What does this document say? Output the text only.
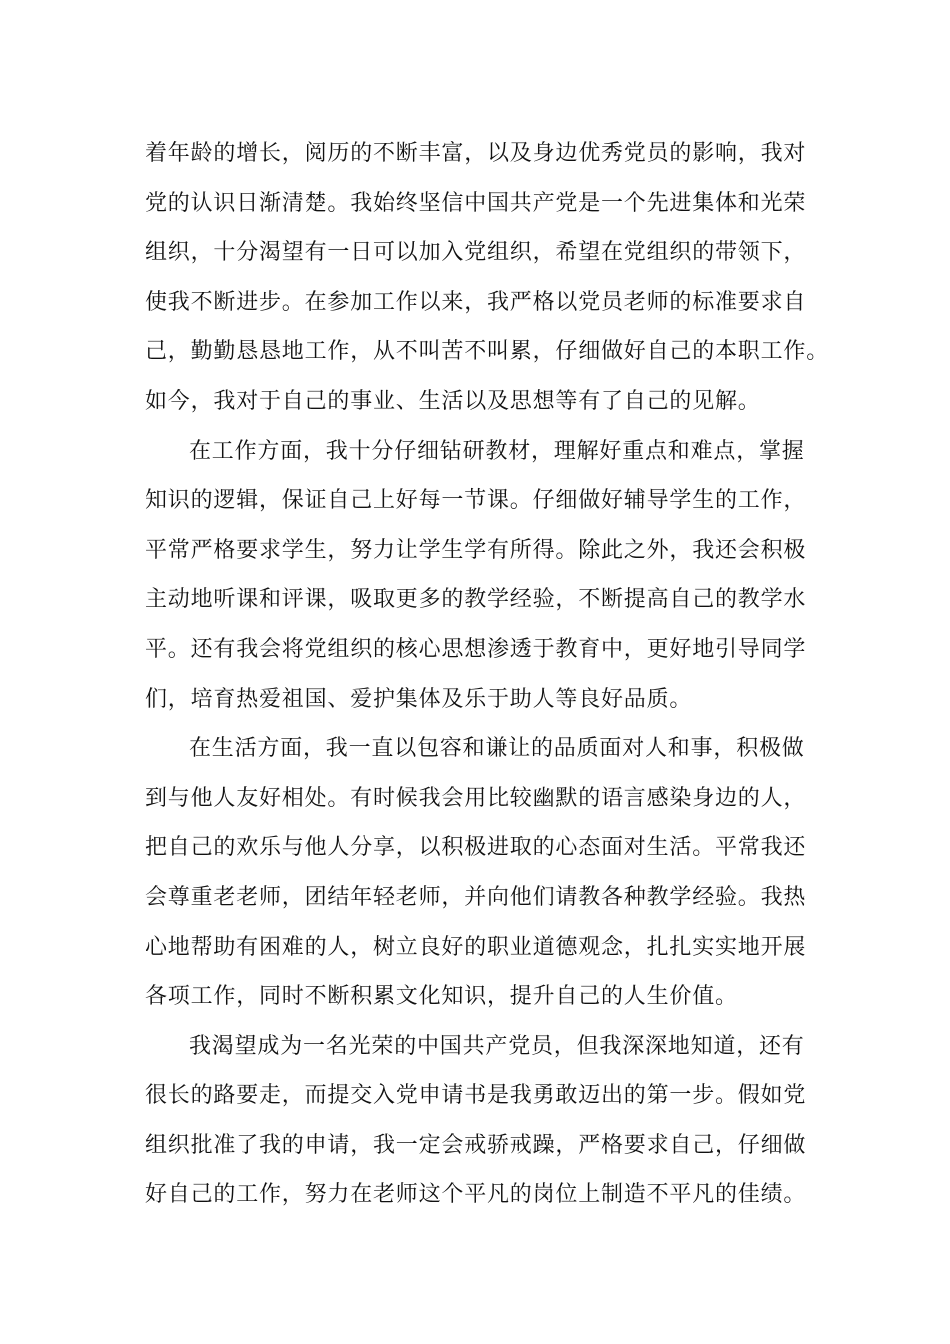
着年龄的增长，阅历的不断丰富，以及身边优秀党员的影响，我对
党的认识日渐清楚。我始终坚信中国共产党是一个先进集体和光荣
组织，十分渴望有一日可以加入党组织，希望在党组织的带领下，
使我不断进步。在参加工作以来，我严格以党员老师的标准要求自
己，勤勤恳恳地工作，从不叫苦不叫累，仔细做好自己的本职工作。
如今，我对于自己的事业、生活以及思想等有了自己的见解。
在工作方面，我十分仔细钻研教材，理解好重点和难点，掌握
知识的逻辑，保证自己上好每一节课。仔细做好辅导学生的工作，
平常严格要求学生，努力让学生学有所得。除此之外，我还会积极
主动地听课和评课，吸取更多的教学经验，不断提高自己的教学水
平。还有我会将党组织的核心思想渗透于教育中，更好地引导同学
们，培育热爱祖国、爱护集体及乐于助人等良好品质。
在生活方面，我一直以包容和谦让的品质面对人和事，积极做
到与他人友好相处。有时候我会用比较幽默的语言感染身边的人，
把自己的欢乐与他人分享，以积极进取的心态面对生活。平常我还
会尊重老老师，团结年轻老师，并向他们请教各种教学经验。我热
心地帮助有困难的人，树立良好的职业道德观念，扎扎实实地开展
各项工作，同时不断积累文化知识，提升自己的人生价值。
我渴望成为一名光荣的中国共产党员，但我深深地知道，还有
很长的路要走，而提交入党申请书是我勇敢迈出的第一步。假如党
组织批准了我的申请，我一定会戒骄戒躁，严格要求自己，仔细做
好自己的工作，努力在老师这个平凡的岗位上制造不平凡的佳绩。
